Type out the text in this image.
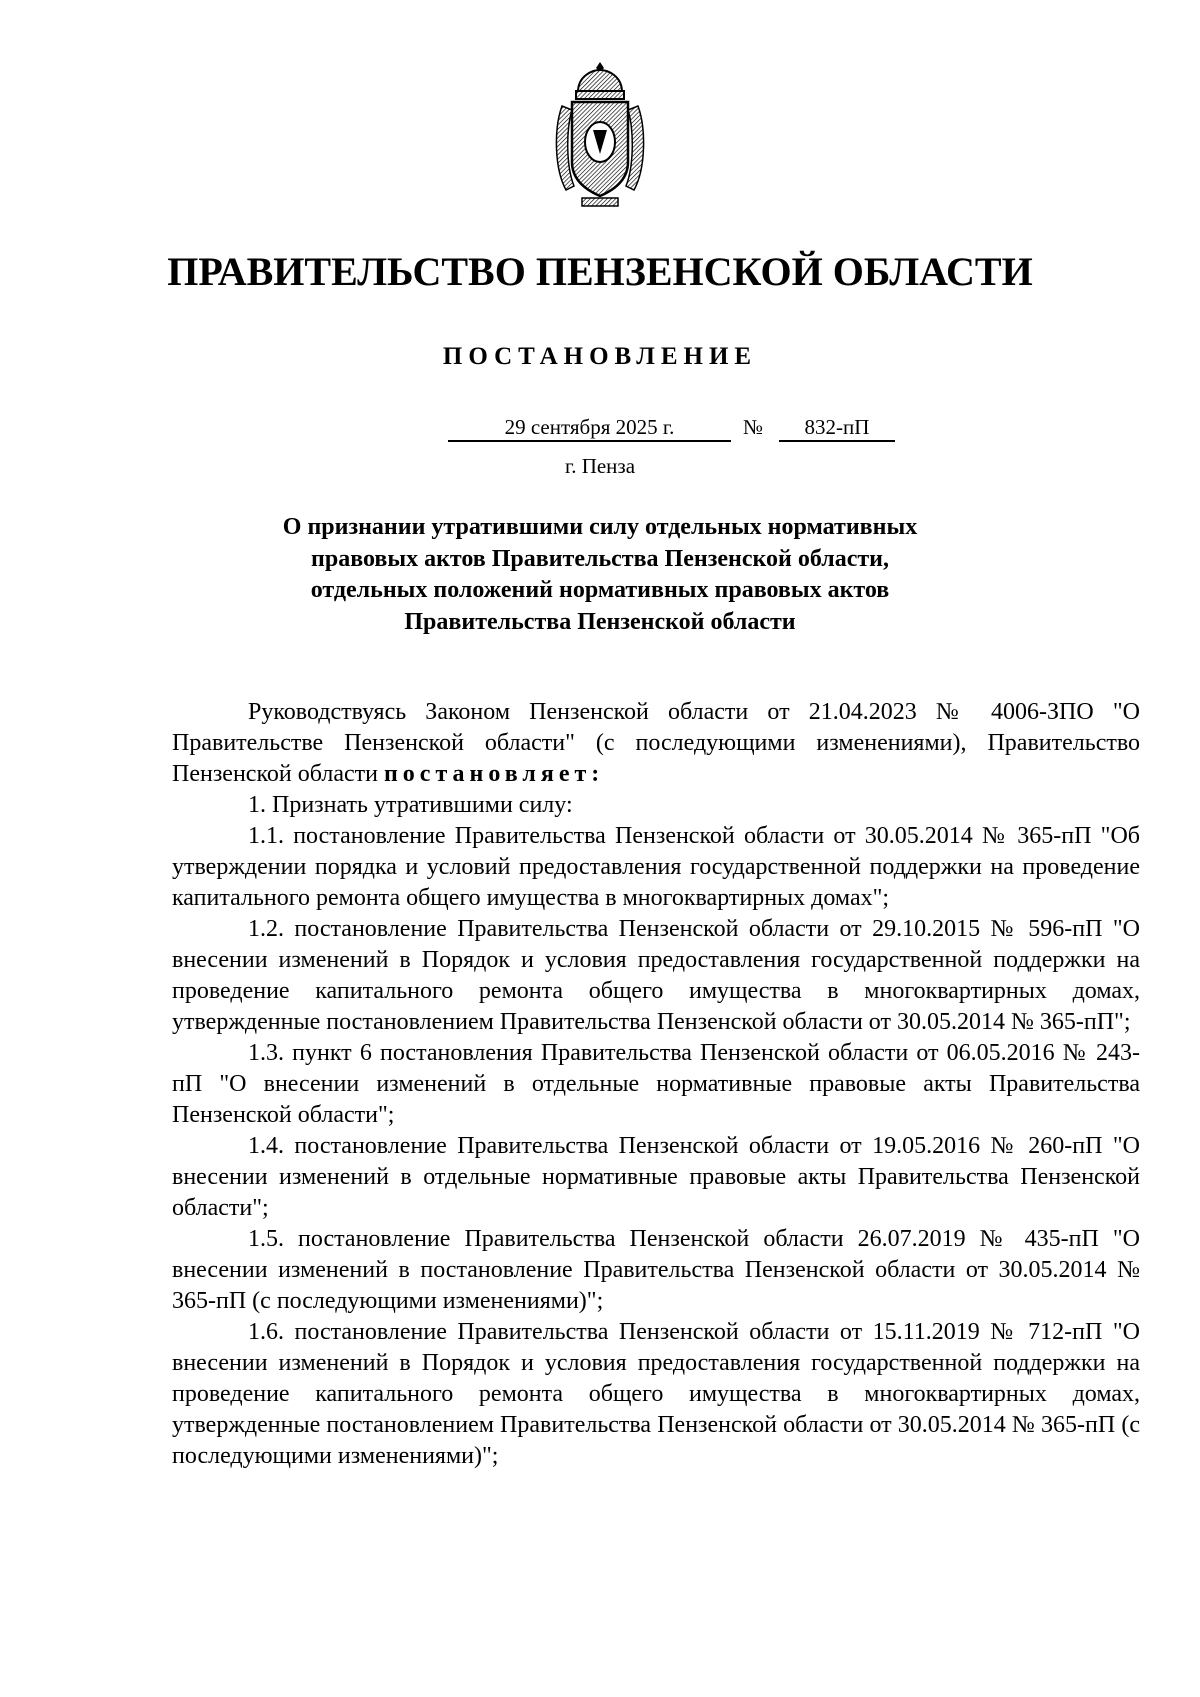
ПРАВИТЕЛЬСТВО ПЕНЗЕНСКОЙ ОБЛАСТИ
ПОСТАНОВЛЕНИЕ
29 сентября 2025 г.	№	832-пП
г. Пенза
О признании утратившими силу отдельных нормативных
правовых актов Правительства Пензенской области,
отдельных положений нормативных правовых актов
Правительства Пензенской области

Руководствуясь Законом Пензенской области от 21.04.2023 № 4006-ЗПО "О Правительстве Пензенской области" (с последующими изменениями), Правительство Пензенской области постановляет:

1. Признать утратившими силу:

1.1. постановление Правительства Пензенской области от 30.05.2014 № 365-пП "Об утверждении порядка и условий предоставления государственной поддержки на проведение капитального ремонта общего имущества в многоквартирных домах";

1.2. постановление Правительства Пензенской области от 29.10.2015 № 596-пП "О внесении изменений в Порядок и условия предоставления государственной поддержки на проведение капитального ремонта общего имущества в многоквартирных домах, утвержденные постановлением Правительства Пензенской области от 30.05.2014 № 365-пП";

1.3. пункт 6 постановления Правительства Пензенской области от 06.05.2016 № 243-пП "О внесении изменений в отдельные нормативные правовые акты Правительства Пензенской области";

1.4. постановление Правительства Пензенской области от 19.05.2016 № 260-пП "О внесении изменений в отдельные нормативные правовые акты Правительства Пензенской области";

1.5. постановление Правительства Пензенской области 26.07.2019 № 435-пП "О внесении изменений в постановление Правительства Пензенской области от 30.05.2014 № 365-пП (с последующими изменениями)";

1.6. постановление Правительства Пензенской области от 15.11.2019 № 712-пП "О внесении изменений в Порядок и условия предоставления государственной поддержки на проведение капитального ремонта общего имущества в многоквартирных домах, утвержденные постановлением Правительства Пензенской области от 30.05.2014 № 365-пП (с последующими изменениями)";
